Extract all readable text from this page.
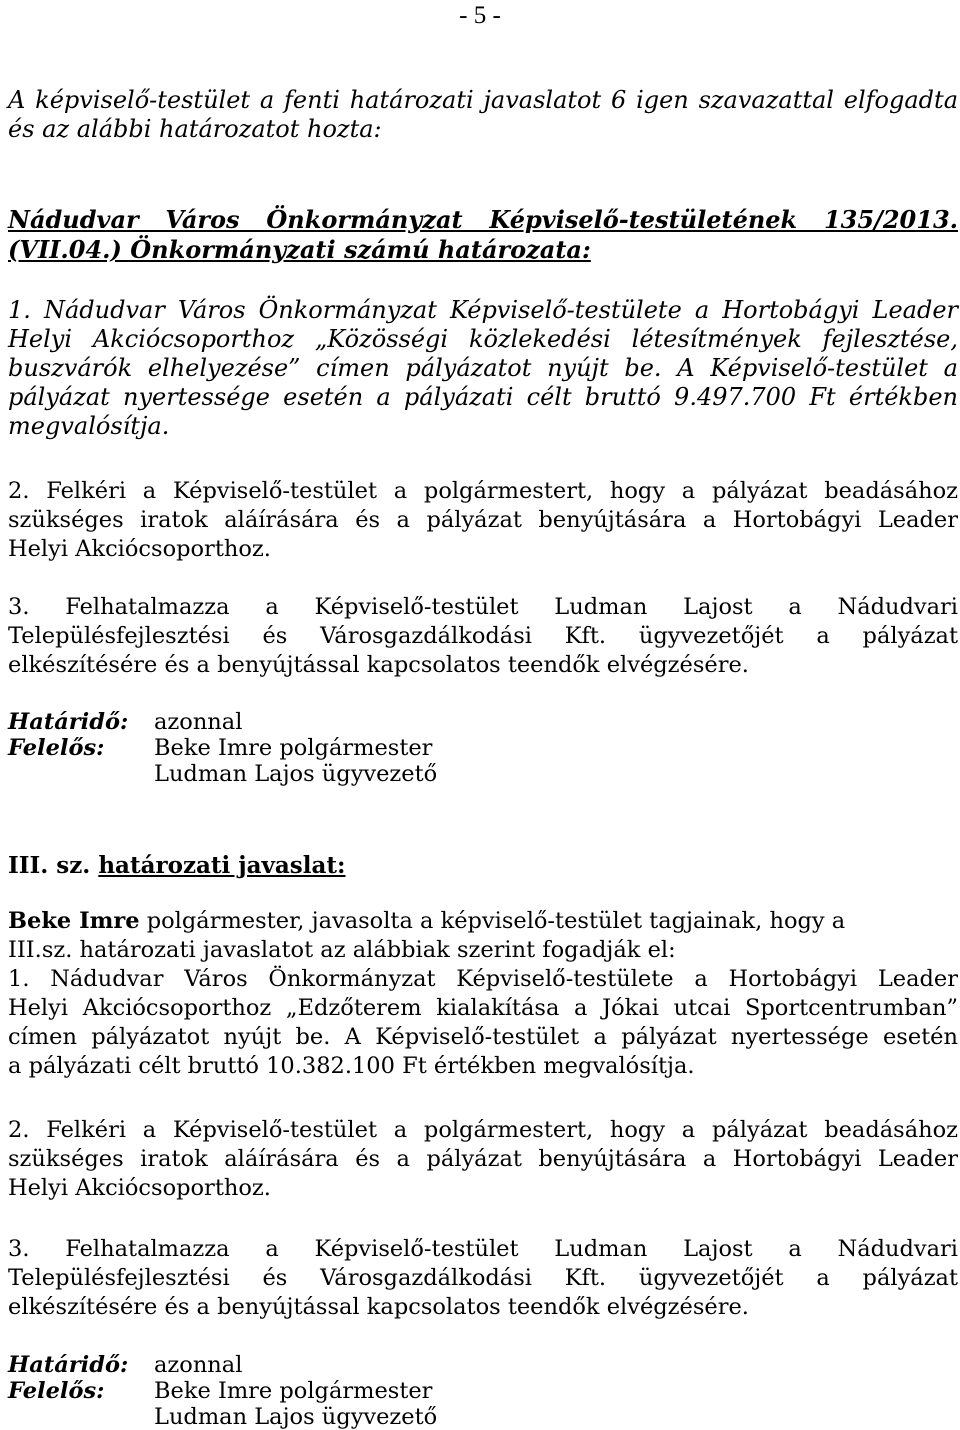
- 5 -
A képviselő-testület a fenti határozati javaslatot 6 igen szavazattal elfogadta
és az alábbi határozatot hozta:
Nádudvar Város Önkormányzat Képviselő-testületének 135/2013.
(VII.04.) Önkormányzati számú határozata:
1. Nádudvar Város Önkormányzat Képviselő-testülete a Hortobágyi Leader
Helyi Akciócsoporthoz „Közösségi közlekedési létesítmények fejlesztése,
buszvárók elhelyezése” címen pályázatot nyújt be. A Képviselő-testület a
pályázat nyertessége esetén a pályázati célt bruttó 9.497.700 Ft értékben
megvalósítja.
2. Felkéri a Képviselő-testület a polgármestert, hogy a pályázat beadásához
szükséges iratok aláírására és a pályázat benyújtására a Hortobágyi Leader
Helyi Akciócsoporthoz.
3. Felhatalmazza a Képviselő-testület Ludman Lajost a Nádudvari
Településfejlesztési és Városgazdálkodási Kft. ügyvezetőjét a pályázat
elkészítésére és a benyújtással kapcsolatos teendők elvégzésére.
Határidő: azonnal
Felelős: Beke Imre polgármester
Ludman Lajos ügyvezető
III. sz. határozati javaslat:
Beke Imre polgármester, javasolta a képviselő-testület tagjainak, hogy a
III.sz. határozati javaslatot az alábbiak szerint fogadják el:
1. Nádudvar Város Önkormányzat Képviselő-testülete a Hortobágyi Leader
Helyi Akciócsoporthoz „Edzőterem kialakítása a Jókai utcai Sportcentrumban”
címen pályázatot nyújt be. A Képviselő-testület a pályázat nyertessége esetén
a pályázati célt bruttó 10.382.100 Ft értékben megvalósítja.
2. Felkéri a Képviselő-testület a polgármestert, hogy a pályázat beadásához
szükséges iratok aláírására és a pályázat benyújtására a Hortobágyi Leader
Helyi Akciócsoporthoz.
3. Felhatalmazza a Képviselő-testület Ludman Lajost a Nádudvari
Településfejlesztési és Városgazdálkodási Kft. ügyvezetőjét a pályázat
elkészítésére és a benyújtással kapcsolatos teendők elvégzésére.
Határidő: azonnal
Felelős: Beke Imre polgármester
Ludman Lajos ügyvezető
